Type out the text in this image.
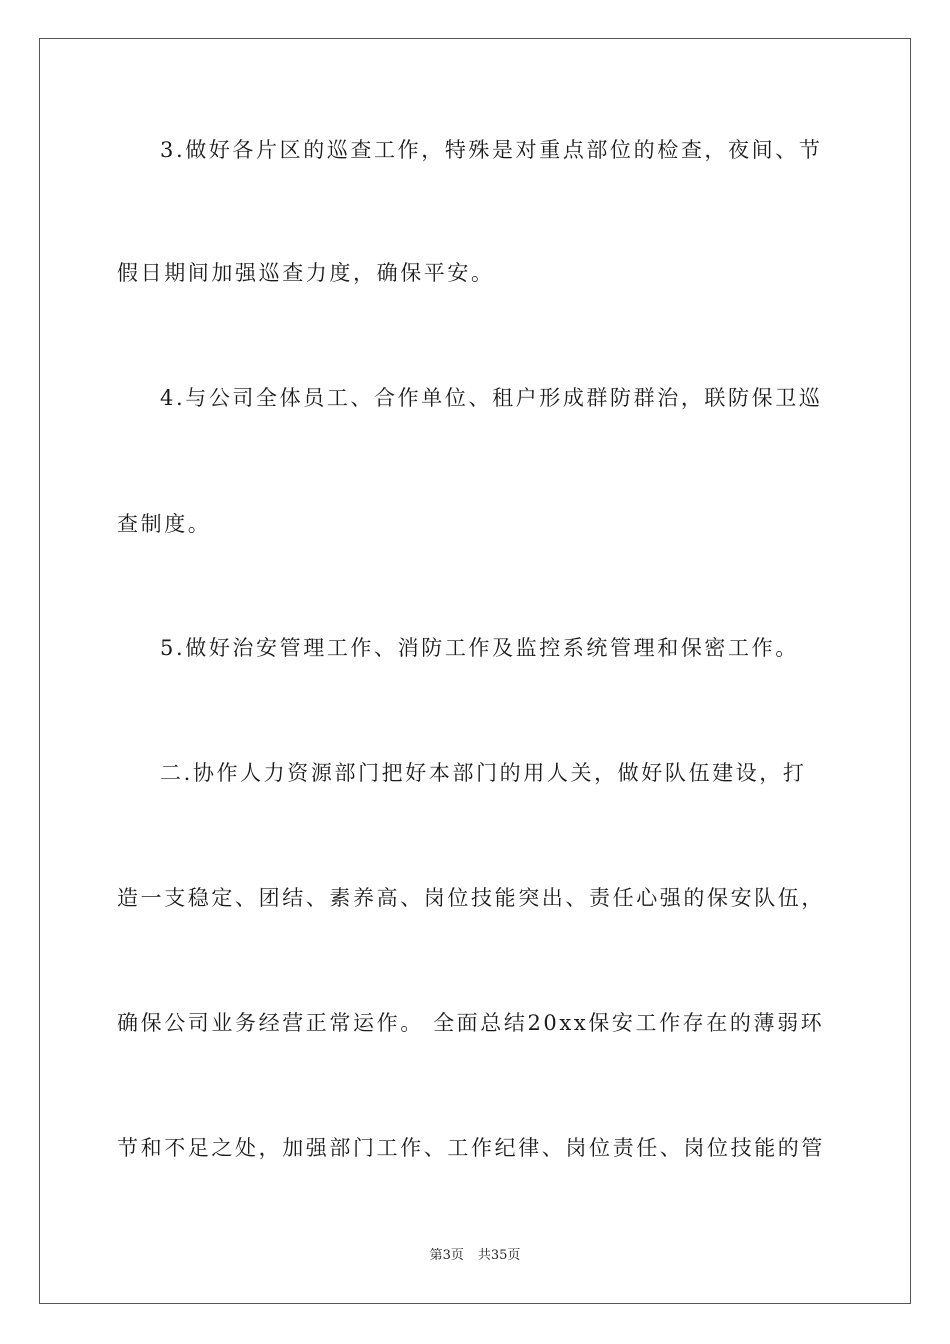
3.做好各片区的巡查工作，特殊是对重点部位的检查，夜间、节
假日期间加强巡查力度，确保平安。
4.与公司全体员工、合作单位、租户形成群防群治，联防保卫巡
查制度。
5.做好治安管理工作、消防工作及监控系统管理和保密工作。
二.协作人力资源部门把好本部门的用人关，做好队伍建设，打
造一支稳定、团结、素养高、岗位技能突出、责任心强的保安队伍，
确保公司业务经营正常运作。 全面总结20xx保安工作存在的薄弱环
节和不足之处，加强部门工作、工作纪律、岗位责任、岗位技能的管
第3页 共35页
